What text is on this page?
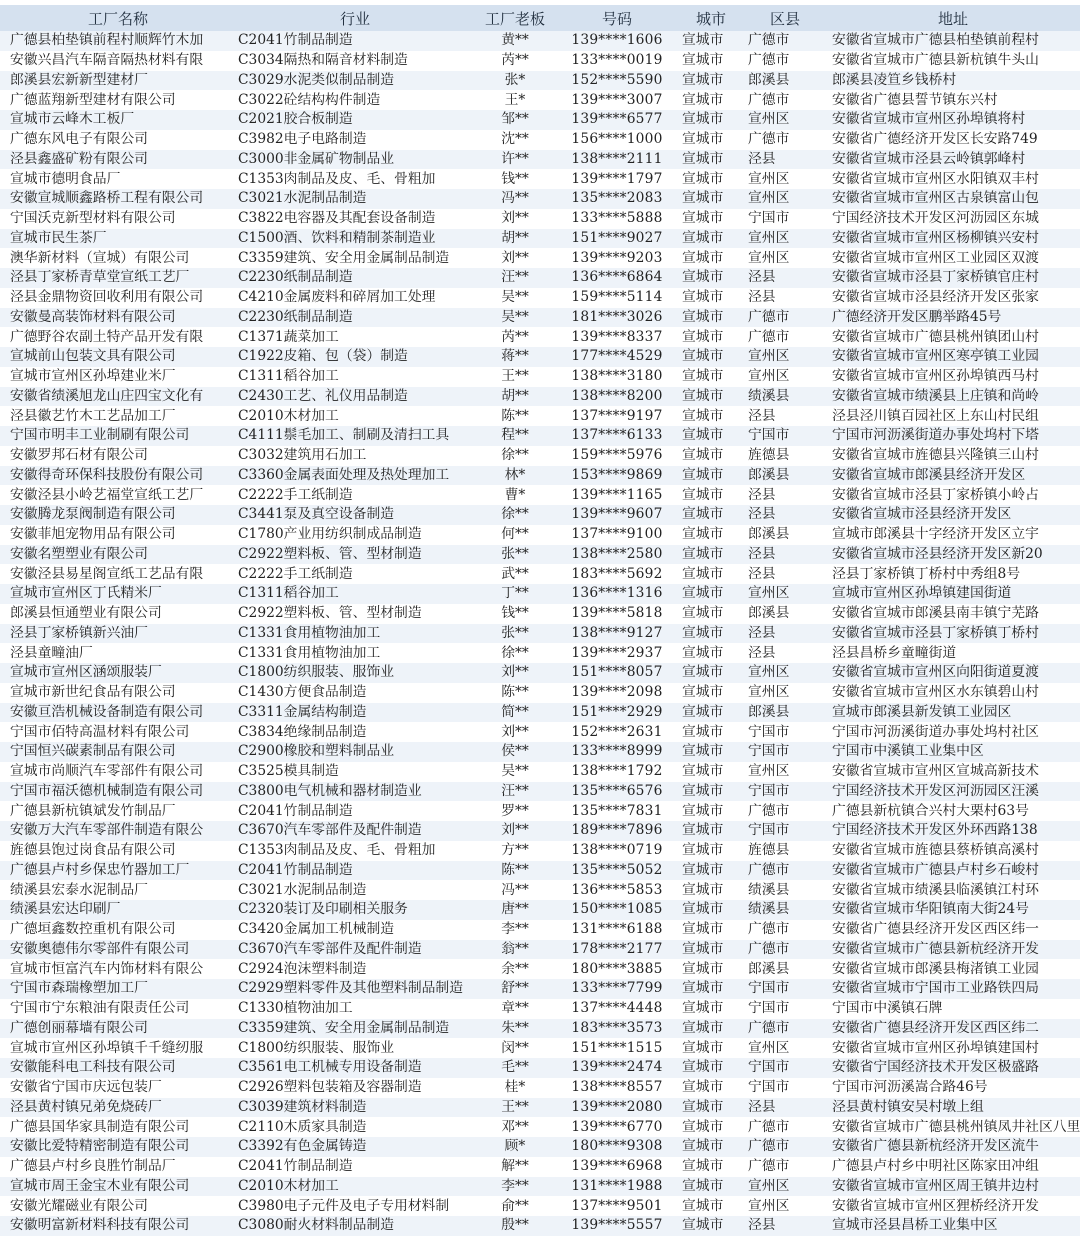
工厂名称	行业	工厂老板	号码	城市	区县	地址
广德县柏垫镇前程村顺辉竹木加	C2041竹制品制造	黄**	139****1606	宣城市	广德市	安徽省宣城市广德县柏垫镇前程村
安徽兴昌汽车隔音隔热材料有限	C3034隔热和隔音材料制造	芮**	133****0019	宣城市	广德市	安徽省宣城市广德县新杭镇牛头山
郎溪县宏新新型建材厂	C3029水泥类似制品制造	张*	152****5590	宣城市	郎溪县	郎溪县凌笪乡钱桥村
广德蓝翔新型建材有限公司	C3022砼结构构件制造	王*	139****3007	宣城市	广德市	安徽省广德县誓节镇东兴村
宣城市云峰木工板厂	C2021胶合板制造	邹**	139****6577	宣城市	宣州区	安徽省宣城市宣州区孙埠镇将村
广德东风电子有限公司	C3982电子电路制造	沈**	156****1000	宣城市	广德市	安徽省广德经济开发区长安路749
泾县鑫盛矿粉有限公司	C3000非金属矿物制品业	许**	138****2111	宣城市	泾县	安徽省宣城市泾县云岭镇郭峰村
宣城市德明食品厂	C1353肉制品及皮、毛、骨粗加	钱**	139****1797	宣城市	宣州区	安徽省宣城市宣州区水阳镇双丰村
安徽宣城顺鑫路桥工程有限公司	C3021水泥制品制造	冯**	135****2083	宣城市	宣州区	安徽省宣城市宣州区古泉镇富山包
宁国沃克新型材料有限公司	C3822电容器及其配套设备制造	刘**	133****5888	宣城市	宁国市	宁国经济技术开发区河沥园区东城
宣城市民生茶厂	C1500酒、饮料和精制茶制造业	胡**	151****9027	宣城市	宣州区	安徽省宣城市宣州区杨柳镇兴安村
澳华新材料（宣城）有限公司	C3359建筑、安全用金属制品制造	刘**	139****9203	宣城市	宣州区	安徽省宣城市宣州区工业园区双渡
泾县丁家桥青草堂宣纸工艺厂	C2230纸制品制造	汪**	136****6864	宣城市	泾县	安徽省宣城市泾县丁家桥镇官庄村
泾县金鼎物资回收利用有限公司	C4210金属废料和碎屑加工处理	吴**	159****5114	宣城市	泾县	安徽省宣城市泾县经济开发区张家
安徽曼高装饰材料有限公司	C2230纸制品制造	吴**	181****3026	宣城市	广德市	广德经济开发区鹏举路45号
广德野谷农副土特产品开发有限	C1371蔬菜加工	芮**	139****8337	宣城市	广德市	安徽省宣城市广德县桃州镇团山村
宣城前山包装文具有限公司	C1922皮箱、包（袋）制造	蒋**	177****4529	宣城市	宣州区	安徽省宣城市宣州区寒亭镇工业园
宣城市宣州区孙埠建业米厂	C1311稻谷加工	王**	138****3180	宣城市	宣州区	安徽省宣城市宣州区孙埠镇西马村
安徽省绩溪旭龙山庄四宝文化有	C2430工艺、礼仪用品制造	胡**	138****8200	宣城市	绩溪县	安徽省宣城市绩溪县上庄镇和尚岭
泾县徽艺竹木工艺品加工厂	C2010木材加工	陈**	137****9197	宣城市	泾县	泾县泾川镇百园社区上东山村民组
宁国市明丰工业制刷有限公司	C4111鬃毛加工、制刷及清扫工具	程**	137****6133	宣城市	宁国市	宁国市河沥溪街道办事处坞村下塔
安徽罗邦石材有限公司	C3032建筑用石加工	徐**	159****5976	宣城市	旌德县	安徽省宣城市旌德县兴隆镇三山村
安徽得奇环保科技股份有限公司	C3360金属表面处理及热处理加工	林*	153****9869	宣城市	郎溪县	安徽省宣城市郎溪县经济开发区
安徽泾县小岭艺福堂宣纸工艺厂	C2222手工纸制造	曹*	139****1165	宣城市	泾县	安徽省宣城市泾县丁家桥镇小岭占
安徽腾龙泵阀制造有限公司	C3441泵及真空设备制造	徐**	139****9607	宣城市	泾县	安徽省宣城市泾县经济开发区
安徽菲旭宠物用品有限公司	C1780产业用纺织制成品制造	何**	137****9100	宣城市	郎溪县	宣城市郎溪县十字经济开发区立宇
安徽名塑塑业有限公司	C2922塑料板、管、型材制造	张**	138****2580	宣城市	泾县	安徽省宣城市泾县经济开发区新20
安徽泾县易星阁宣纸工艺品有限	C2222手工纸制造	武**	183****5692	宣城市	泾县	泾县丁家桥镇丁桥村中秀组8号
宣城市宣州区丁氏精米厂	C1311稻谷加工	丁**	136****1316	宣城市	宣州区	宣城市宣州区孙埠镇建国街道
郎溪县恒通塑业有限公司	C2922塑料板、管、型材制造	钱**	139****5818	宣城市	郎溪县	安徽省宣城市郎溪县南丰镇宁芜路
泾县丁家桥镇新兴油厂	C1331食用植物油加工	张**	138****9127	宣城市	泾县	安徽省宣城市泾县丁家桥镇丁桥村
泾县童疃油厂	C1331食用植物油加工	徐**	139****2937	宣城市	泾县	泾县昌桥乡童疃街道
宣城市宣州区涵颂服装厂	C1800纺织服装、服饰业	刘**	151****8057	宣城市	宣州区	安徽省宣城市宣州区向阳街道夏渡
宣城市新世纪食品有限公司	C1430方便食品制造	陈**	139****2098	宣城市	宣州区	安徽省宣城市宣州区水东镇碧山村
安徽亘浩机械设备制造有限公司	C3311金属结构制造	简**	151****2929	宣城市	郎溪县	宣城市郎溪县新发镇工业园区
宁国市佰特高温材料有限公司	C3834绝缘制品制造	刘**	152****2631	宣城市	宁国市	宁国市河沥溪街道办事处坞村社区
宁国恒兴碳素制品有限公司	C2900橡胶和塑料制品业	侯**	133****8999	宣城市	宁国市	宁国市中溪镇工业集中区
宣城市尚顺汽车零部件有限公司	C3525模具制造	吴**	138****1792	宣城市	宣州区	安徽省宣城市宣州区宣城高新技术
宁国市福沃德机械制造有限公司	C3800电气机械和器材制造业	汪**	135****6576	宣城市	宁国市	宁国经济技术开发区河沥园区汪溪
广德县新杭镇斌发竹制品厂	C2041竹制品制造	罗**	135****7831	宣城市	广德市	广德县新杭镇合兴村大栗村63号
安徽万大汽车零部件制造有限公	C3670汽车零部件及配件制造	刘**	189****7896	宣城市	宁国市	宁国经济技术开发区外环西路138
旌德县饱过岗食品有限公司	C1353肉制品及皮、毛、骨粗加	方**	138****0719	宣城市	旌德县	安徽省宣城市旌德县蔡桥镇高溪村
广德县卢村乡保忠竹器加工厂	C2041竹制品制造	陈**	135****5052	宣城市	广德市	安徽省宣城市广德县卢村乡石峻村
绩溪县宏泰水泥制品厂	C3021水泥制品制造	冯**	136****5853	宣城市	绩溪县	安徽省宣城市绩溪县临溪镇江村环
绩溪县宏达印刷厂	C2320装订及印刷相关服务	唐**	150****1085	宣城市	绩溪县	安徽省宣城市华阳镇南大街24号
广德垣鑫数控重机有限公司	C3420金属加工机械制造	李**	131****6188	宣城市	广德市	安徽省广德县经济开发区西区纬一
安徽奥德伟尔零部件有限公司	C3670汽车零部件及配件制造	翁**	178****2177	宣城市	广德市	安徽省宣城市广德县新杭经济开发
宣城市恒富汽车内饰材料有限公	C2924泡沫塑料制造	余**	180****3885	宣城市	郎溪县	安徽省宣城市郎溪县梅渚镇工业园
宁国市森瑞橡塑加工厂	C2929塑料零件及其他塑料制品制造	舒**	133****7799	宣城市	宁国市	安徽省宣城市宁国市工业路铁四局
宁国市宁东粮油有限责任公司	C1330植物油加工	章**	137****4448	宣城市	宁国市	宁国市中溪镇石牌
广德创丽幕墙有限公司	C3359建筑、安全用金属制品制造	朱**	183****3573	宣城市	广德市	安徽省广德县经济开发区西区纬二
宣城市宣州区孙埠镇千千缝纫服	C1800纺织服装、服饰业	闵**	151****1515	宣城市	宣州区	安徽省宣城市宣州区孙埠镇建国村
安徽能科电工科技有限公司	C3561电工机械专用设备制造	毛**	139****2474	宣城市	宁国市	安徽省宁国经济技术开发区极盛路
安徽省宁国市庆远包装厂	C2926塑料包装箱及容器制造	桂*	138****8557	宣城市	宁国市	宁国市河沥溪嵩合路46号
泾县黄村镇兄弟免烧砖厂	C3039建筑材料制造	王**	139****2080	宣城市	泾县	泾县黄村镇安吴村墩上组
广德县国华家具制造有限公司	C2110木质家具制造	邓**	139****6770	宣城市	广德市	安徽省宣城市广德县桃州镇凤井社区八里
安徽比爱特精密制造有限公司	C3392有色金属铸造	顾*	180****9308	宣城市	广德市	安徽省广德县新杭经济开发区流牛
广德县卢村乡良胜竹制品厂	C2041竹制品制造	解**	139****6968	宣城市	广德市	广德县卢村乡中明社区陈家田冲组
宣城市周王金宝木业有限公司	C2010木材加工	李**	131****1988	宣城市	宣州区	安徽省宣城市宣州区周王镇井边村
安徽光耀磁业有限公司	C3980电子元件及电子专用材料制	俞**	137****9501	宣城市	宣州区	安徽省宣城市宣州区狸桥经济开发
安徽明富新材料科技有限公司	C3080耐火材料制品制造	殷**	139****5557	宣城市	泾县	宣城市泾县昌桥工业集中区
